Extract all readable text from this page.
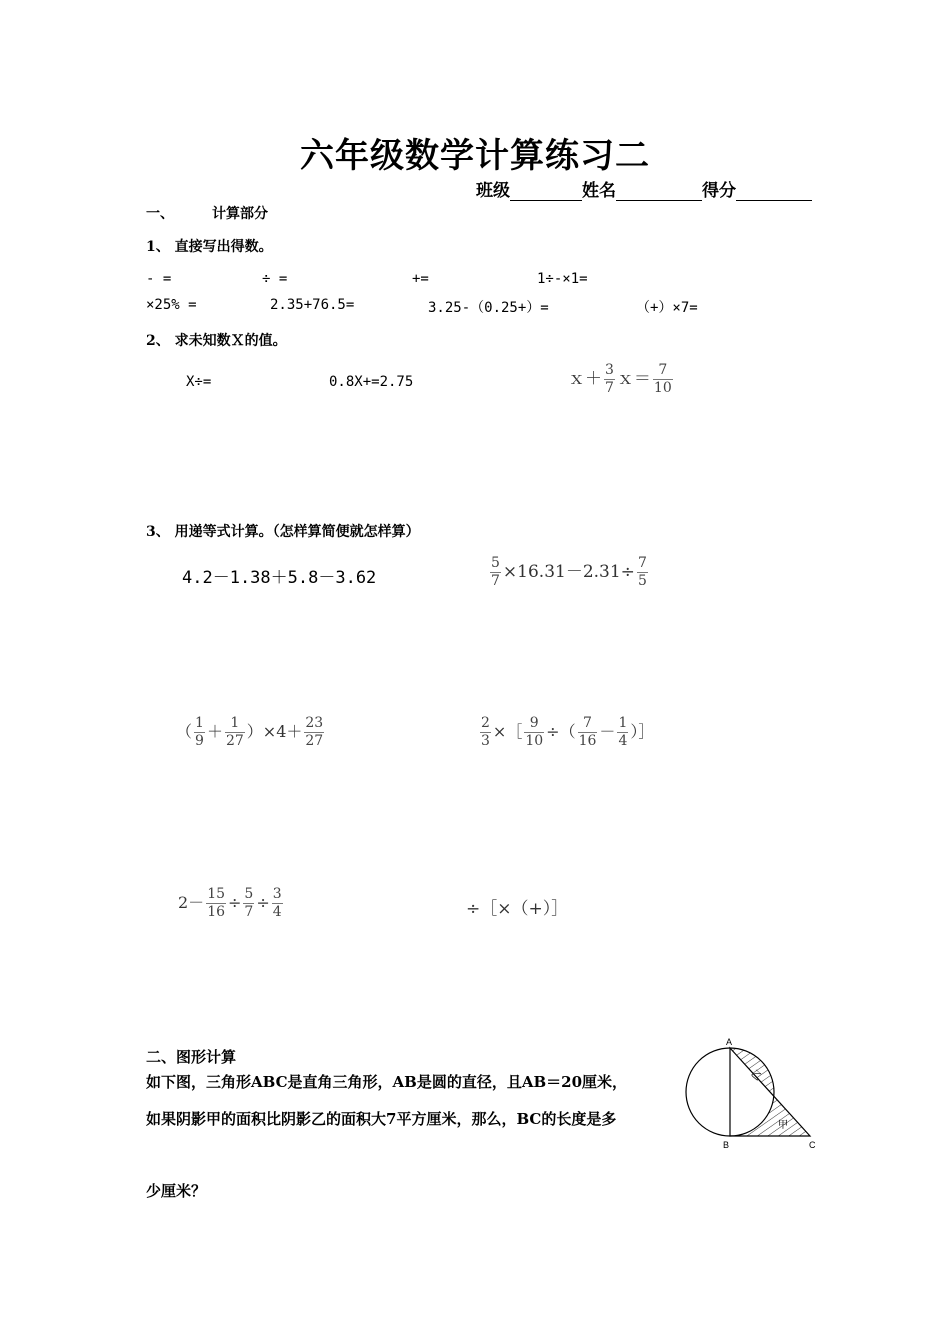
六年级数学计算练习二
班级	姓名	得分
一、	计算部分
1、 直接写出得数。
- =	÷ =	+=	1÷-×1=
×25% =	2.35+76.5=	3.25-（0.25+）=	（+）×7=
2、 求未知数Ｘ的值。
X÷=	0.8X+=2.75	ｘ＋ $\frac{3}{7}$ ｘ＝ $\frac{7}{10}$
3、 用递等式计算。（怎样算简便就怎样算）
4.2－1.38＋5.8－3.62	$\frac{5}{7} \times 16.31-2.31\div \frac{7}{5}$
（ $\frac{1}{9} + \frac{1}{27} )\times 4+ \frac{23}{27}$	$\frac{2}{3}$ ×［ $\frac{9}{10}$ ÷（ $\frac{7}{16} - \frac{1}{4}$ ）］
$2- \frac{15}{16} \div \frac{5}{7} \div \frac{3}{4}$	÷［×（+）］
二、图形计算
如下图，三角形ABC是直角三角形，AB是圆的直径，且AB＝20厘米，
如果阴影甲的面积比阴影乙的面积大7平方厘米，那么，BC的长度是多
少厘米？
A
B	C
乙
甲
